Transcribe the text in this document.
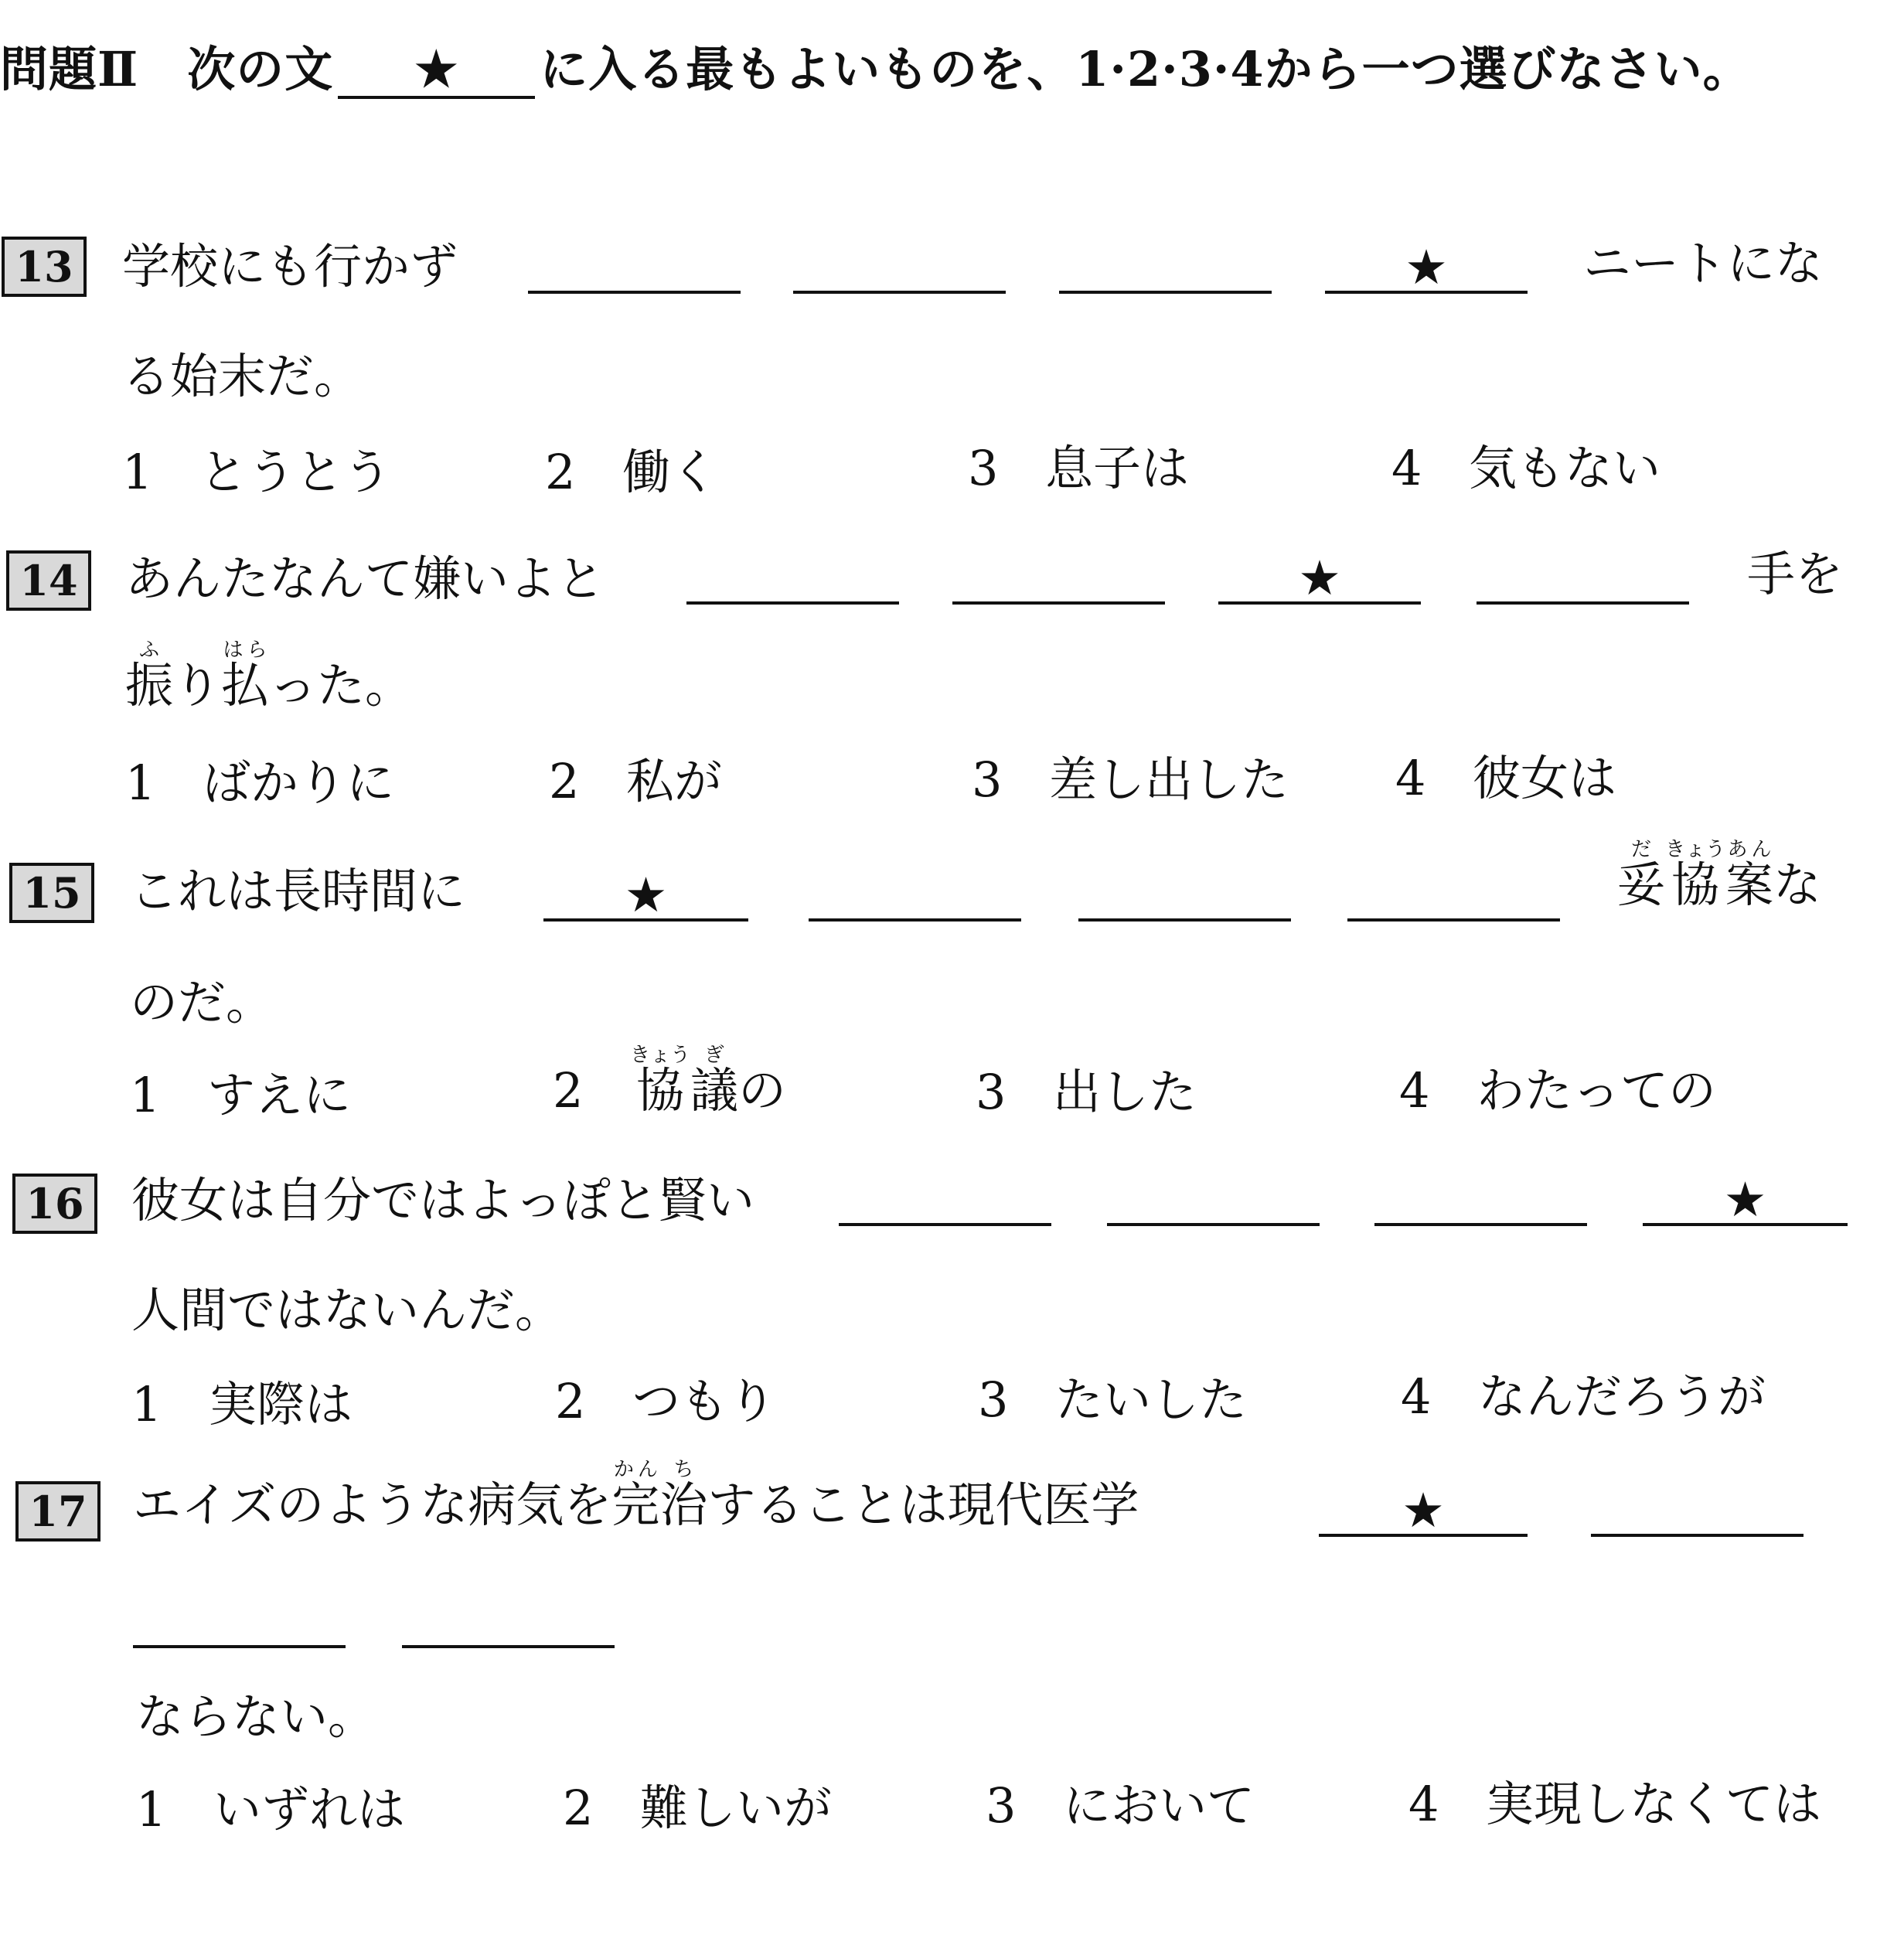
問題Ⅱ　次の文 ★ に入る最もよいものを、1·2·3·4から一つ選びなさい。
13 学校にも行かず	★	ニートにな
る始末だ。
1 とうとう	2 働く	3 息子は	4 気もない
14 あんたなんて嫌いよと	★	手を
振ふり払はらった。
1 ばかりに	2 私が	3 差し出した 4 彼女は
15 これは長時間に	★	妥だ協きょう案あんな
のだ。
1 すえに	2 協きょう議ぎの	3 出した	4 わたっての
16 彼女は自分ではよっぽと賢い	★
人間ではないんだ。
1 実際は	2 つもり	3 たいした	4 なんだろうが
17 エイズのような病気を完かん治ちすることは現代医学	★
ならない。
1 いずれは	2 難しいが	3 において	4 実現しなくては
